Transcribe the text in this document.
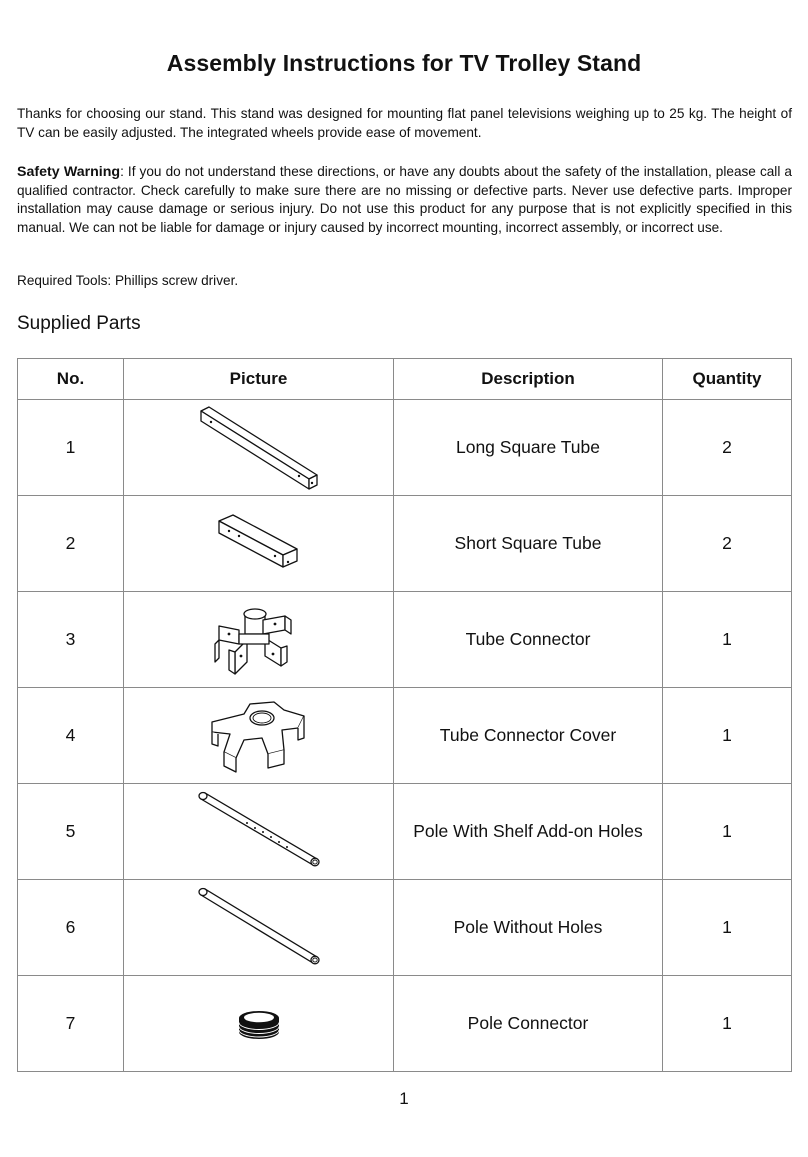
Assembly Instructions for TV Trolley Stand

Thanks for choosing our stand. This stand was designed for mounting flat panel televisions weighing up to 25 kg. The height of TV can be easily adjusted. The integrated wheels provide ease of movement.

Safety Warning: If you do not understand these directions, or have any doubts about the safety of the installation, please call a qualified contractor. Check carefully to make sure there are no missing or defective parts. Never use defective parts. Improper installation may cause damage or serious injury. Do not use this product for any purpose that is not explicitly specified in this manual. We can not be liable for damage or injury caused by incorrect mounting, incorrect assembly, or incorrect use.

Required Tools: Phillips screw driver.

Supplied Parts
No.	Picture	Description	Quantity
1		Long Square Tube	2
2		Short Square Tube	2
3		Tube Connector	1
4		Tube Connector Cover	1
5		Pole With Shelf Add-on Holes	1
6		Pole Without Holes	1
7		Pole Connector	1
1
